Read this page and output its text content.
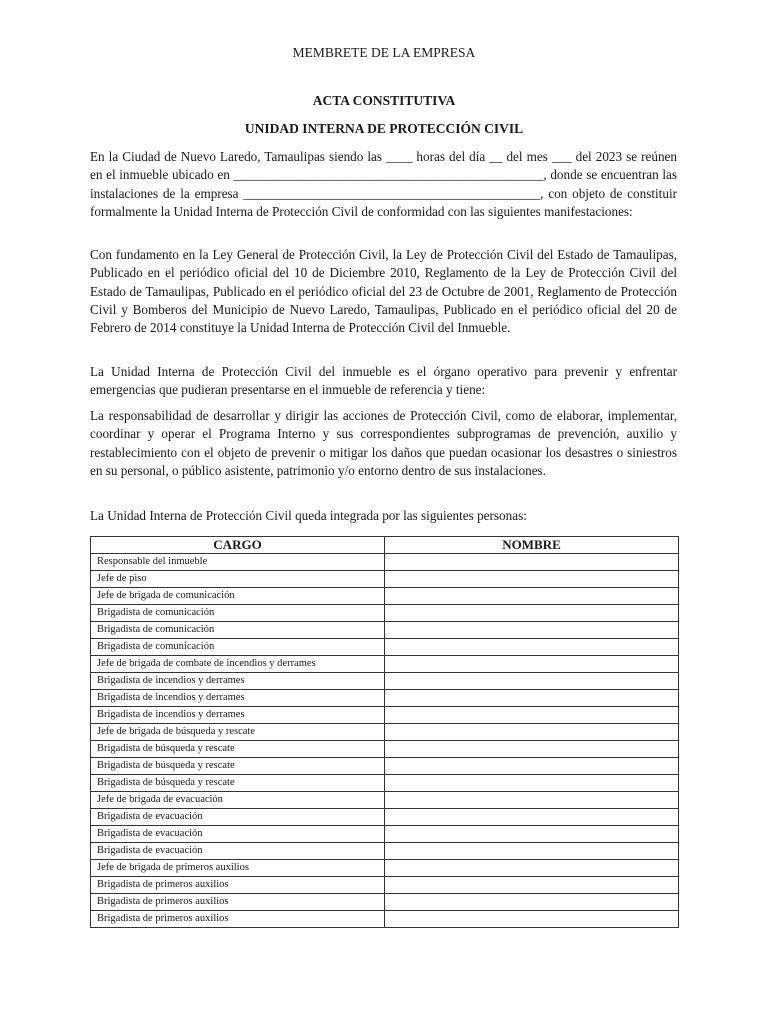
MEMBRETE DE LA EMPRESA
ACTA CONSTITUTIVA
UNIDAD INTERNA DE PROTECCIÓN CIVIL

En la Ciudad de Nuevo Laredo, Tamaulipas siendo las ____ horas del día __ del mes ___ del 2023 se reúnen en el inmueble ubicado en _______________________________________________, donde se encuentran las instalaciones de la empresa _____________________________________________, con objeto de constituir formalmente la Unidad Interna de Protección Civil de conformidad con las siguientes manifestaciones:

Con fundamento en la Ley General de Protección Civil, la Ley de Protección Civil del Estado de Tamaulipas, Publicado en el periódico oficial del 10 de Diciembre 2010, Reglamento de la Ley de Protección Civil del Estado de Tamaulipas, Publicado en el periódico oficial del 23 de Octubre de 2001, Reglamento de Protección Civil y Bomberos del Municipio de Nuevo Laredo, Tamaulipas, Publicado en el periódico oficial del 20 de Febrero de 2014 constituye la Unidad Interna de Protección Civil del Inmueble.

La Unidad Interna de Protección Civil del inmueble es el órgano operativo para prevenir y enfrentar emergencias que pudieran presentarse en el inmueble de referencia y tiene:

La responsabilidad de desarrollar y dirigir las acciones de Protección Civil, como de elaborar, implementar, coordinar y operar el Programa Interno y sus correspondientes subprogramas de prevención, auxilio y restablecimiento con el objeto de prevenir o mitigar los daños que puedan ocasionar los desastres o siniestros en su personal, o público asistente, patrimonio y/o entorno dentro de sus instalaciones.

La Unidad Interna de Protección Civil queda integrada por las siguientes personas:

CARGO	NOMBRE
Responsable del inmueble	
Jefe de piso	
Jefe de brigada de comunicación	
Brigadista de comunicación	
Brigadista de comunicación	
Brigadista de comunicación	
Jefe de brigada de combate de incendios y derrames	
Brigadista de incendios y derrames	
Brigadista de incendios y derrames	
Brigadista de incendios y derrames	
Jefe de brigada de búsqueda y rescate	
Brigadista de búsqueda y rescate	
Brigadista de búsqueda y rescate	
Brigadista de búsqueda y rescate	
Jefe de brigada de evacuación	
Brigadista de evacuación	
Brigadista de evacuación	
Brigadista de evacuación	
Jefe de brigada de primeros auxilios	
Brigadista de primeros auxilios	
Brigadista de primeros auxilios	
Brigadista de primeros auxilios	
